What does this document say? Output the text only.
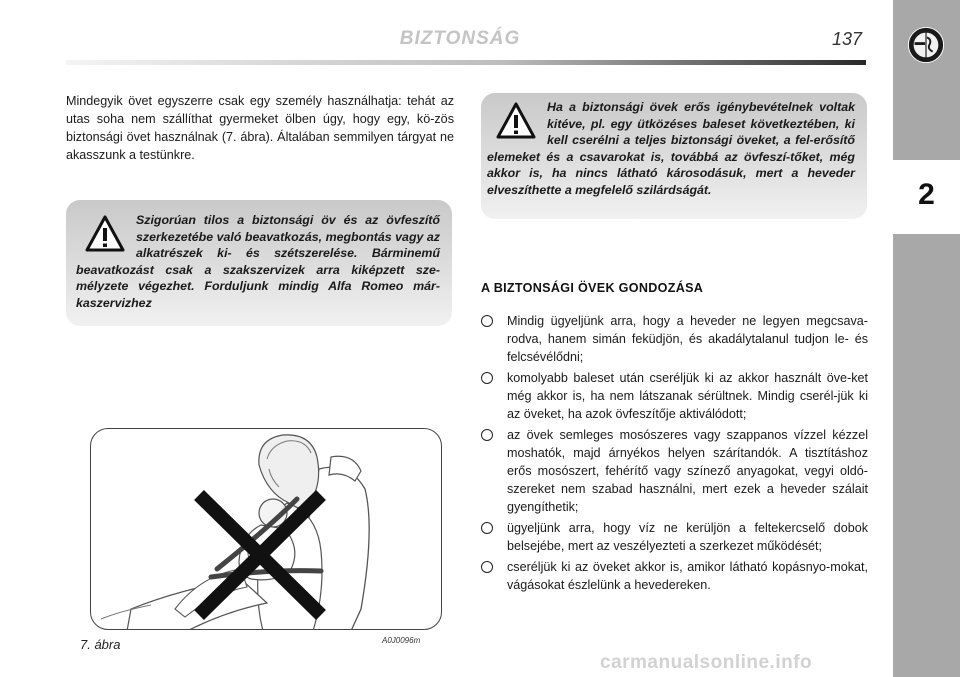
BIZTONSÁG	137
2
Mindegyik övet egyszerre csak egy személy használhatja: tehát az utas soha nem szállíthat gyermeket ölben úgy, hogy egy, kö-zös biztonsági övet használnak (7. ábra). Általában semmilyen tárgyat ne akasszunk a testünkre.
Szigorúan tilos a biztonsági öv és az övfeszítő szerkezetébe való beavatkozás, megbontás vagy az alkatrészek ki- és szétszerelése. Bárminemű beavatkozást csak a szakszervizek arra kiképzett sze-mélyzete végezhet. Forduljunk mindig Alfa Romeo már-kaszervizhez
Ha a biztonsági övek erős igénybevételnek voltak kitéve, pl. egy ütközéses baleset következtében, ki kell cserélni a teljes biztonsági öveket, a fel-erősítő elemeket és a csavarokat is, továbbá az övfeszí-tőket, még akkor is, ha nincs látható károsodásuk, mert a heveder elveszíthette a megfelelő szilárdságát.
7. ábra	A0J0096m
A BIZTONSÁGI ÖVEK GONDOZÁSA
Mindig ügyeljünk arra, hogy a heveder ne legyen megcsava-rodva, hanem simán feküdjön, és akadálytalanul tudjon le- és felcsévélődni;
komolyabb baleset után cseréljük ki az akkor használt öve-ket még akkor is, ha nem látszanak sérültnek. Mindig cserél-jük ki az öveket, ha azok övfeszítője aktiválódott;
az övek semleges mosószeres vagy szappanos vízzel kézzel moshatók, majd árnyékos helyen szárítandók. A tisztításhoz erős mosószert, fehérítő vagy színező anyagokat, vegyi oldó-szereket nem szabad használni, mert ezek a heveder szálait gyengíthetik;
ügyeljünk arra, hogy víz ne kerüljön a feltekercselő dobok belsejébe, mert az veszélyezteti a szerkezet működését;
cseréljük ki az öveket akkor is, amikor látható kopásnyo-mokat, vágásokat észlelünk a hevedereken.
carmanualsonline.info
